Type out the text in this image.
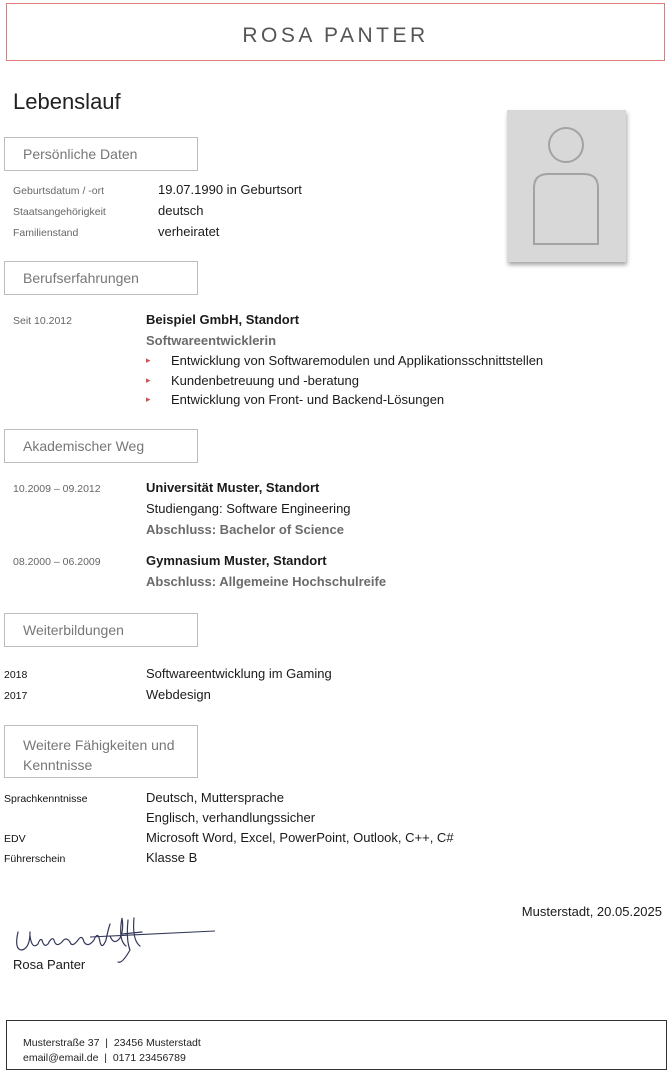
ROSA PANTER
Lebenslauf
Persönliche Daten
Geburtsdatum / -ort	19.07.1990 in Geburtsort
Staatsangehörigkeit	deutsch
Familienstand	verheiratet
Berufserfahrungen
Seit 10.2012	Beispiel GmbH, Standort
Softwareentwicklerin
▸ Entwicklung von Softwaremodulen und Applikationsschnittstellen
▸ Kundenbetreuung und -beratung
▸ Entwicklung von Front- und Backend-Lösungen
Akademischer Weg
10.2009 – 09.2012	Universität Muster, Standort
Studiengang: Software Engineering
Abschluss: Bachelor of Science
08.2000 – 06.2009	Gymnasium Muster, Standort
Abschluss: Allgemeine Hochschulreife
Weiterbildungen
2018	Softwareentwicklung im Gaming
2017	Webdesign
Weitere Fähigkeiten und
Kenntnisse
Sprachkenntnisse	Deutsch, Muttersprache
Englisch, verhandlungssicher
EDV	Microsoft Word, Excel, PowerPoint, Outlook, C++, C#
Führerschein	Klasse B
Musterstadt, 20.05.2025
Rosa Panter
Musterstraße 37  |  23456 Musterstadt
email@email.de  |  0171 23456789
